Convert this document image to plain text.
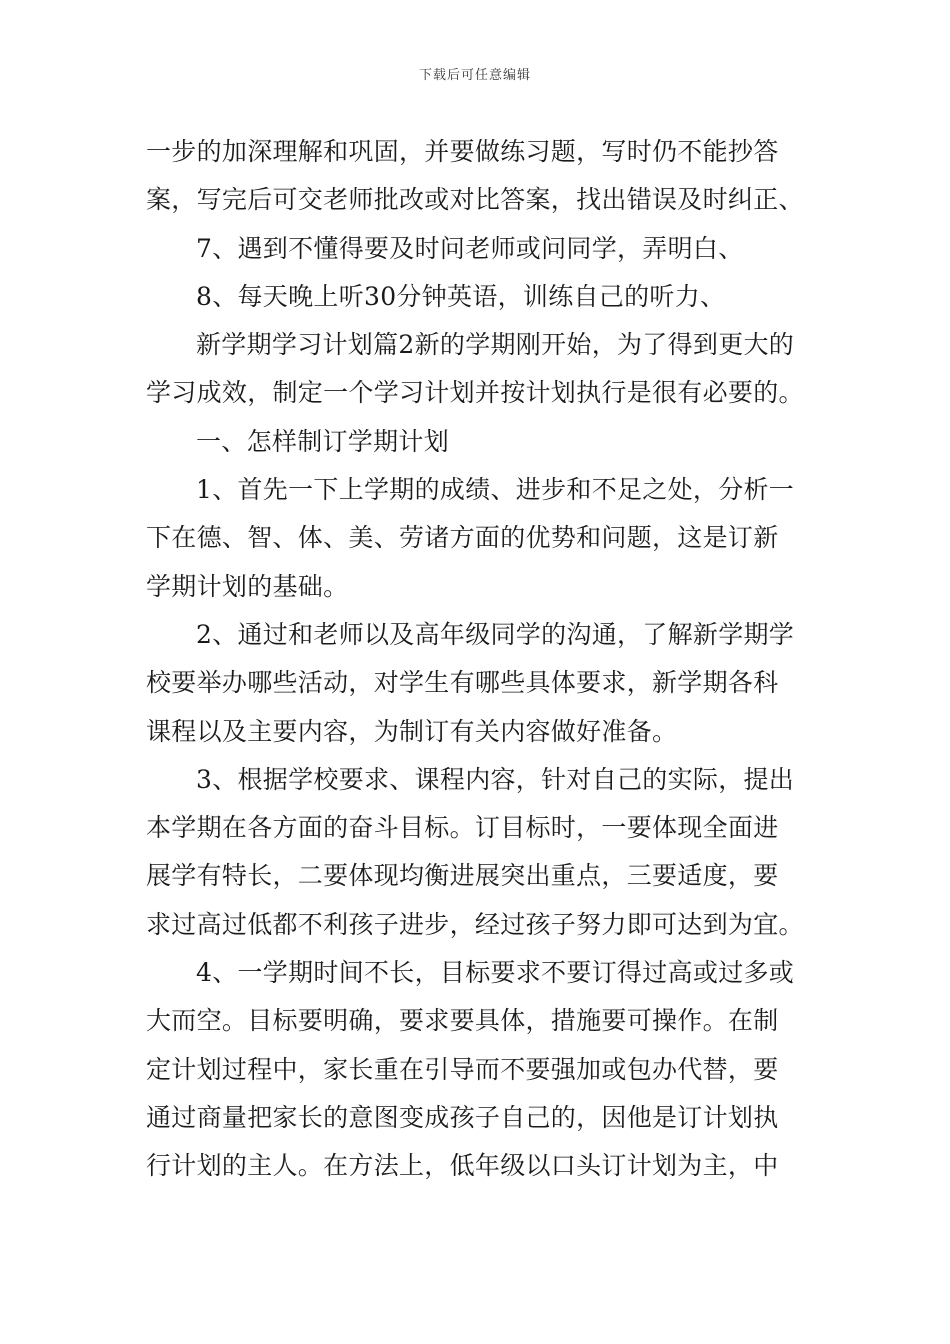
下载后可任意编辑
一步的加深理解和巩固，并要做练习题，写时仍不能抄答
案，写完后可交老师批改或对比答案，找出错误及时纠正、
7、遇到不懂得要及时问老师或问同学，弄明白、
8、每天晚上听30分钟英语，训练自己的听力、
新学期学习计划篇2新的学期刚开始，为了得到更大的
学习成效，制定一个学习计划并按计划执行是很有必要的。
一、怎样制订学期计划
1、首先一下上学期的成绩、进步和不足之处，分析一
下在德、智、体、美、劳诸方面的优势和问题，这是订新
学期计划的基础。
2、通过和老师以及高年级同学的沟通，了解新学期学
校要举办哪些活动，对学生有哪些具体要求，新学期各科
课程以及主要内容，为制订有关内容做好准备。
3、根据学校要求、课程内容，针对自己的实际，提出
本学期在各方面的奋斗目标。订目标时，一要体现全面进
展学有特长，二要体现均衡进展突出重点，三要适度，要
求过高过低都不利孩子进步，经过孩子努力即可达到为宜。
4、一学期时间不长，目标要求不要订得过高或过多或
大而空。目标要明确，要求要具体，措施要可操作。在制
定计划过程中，家长重在引导而不要强加或包办代替，要
通过商量把家长的意图变成孩子自己的，因他是订计划执
行计划的主人。在方法上，低年级以口头订计划为主，中
